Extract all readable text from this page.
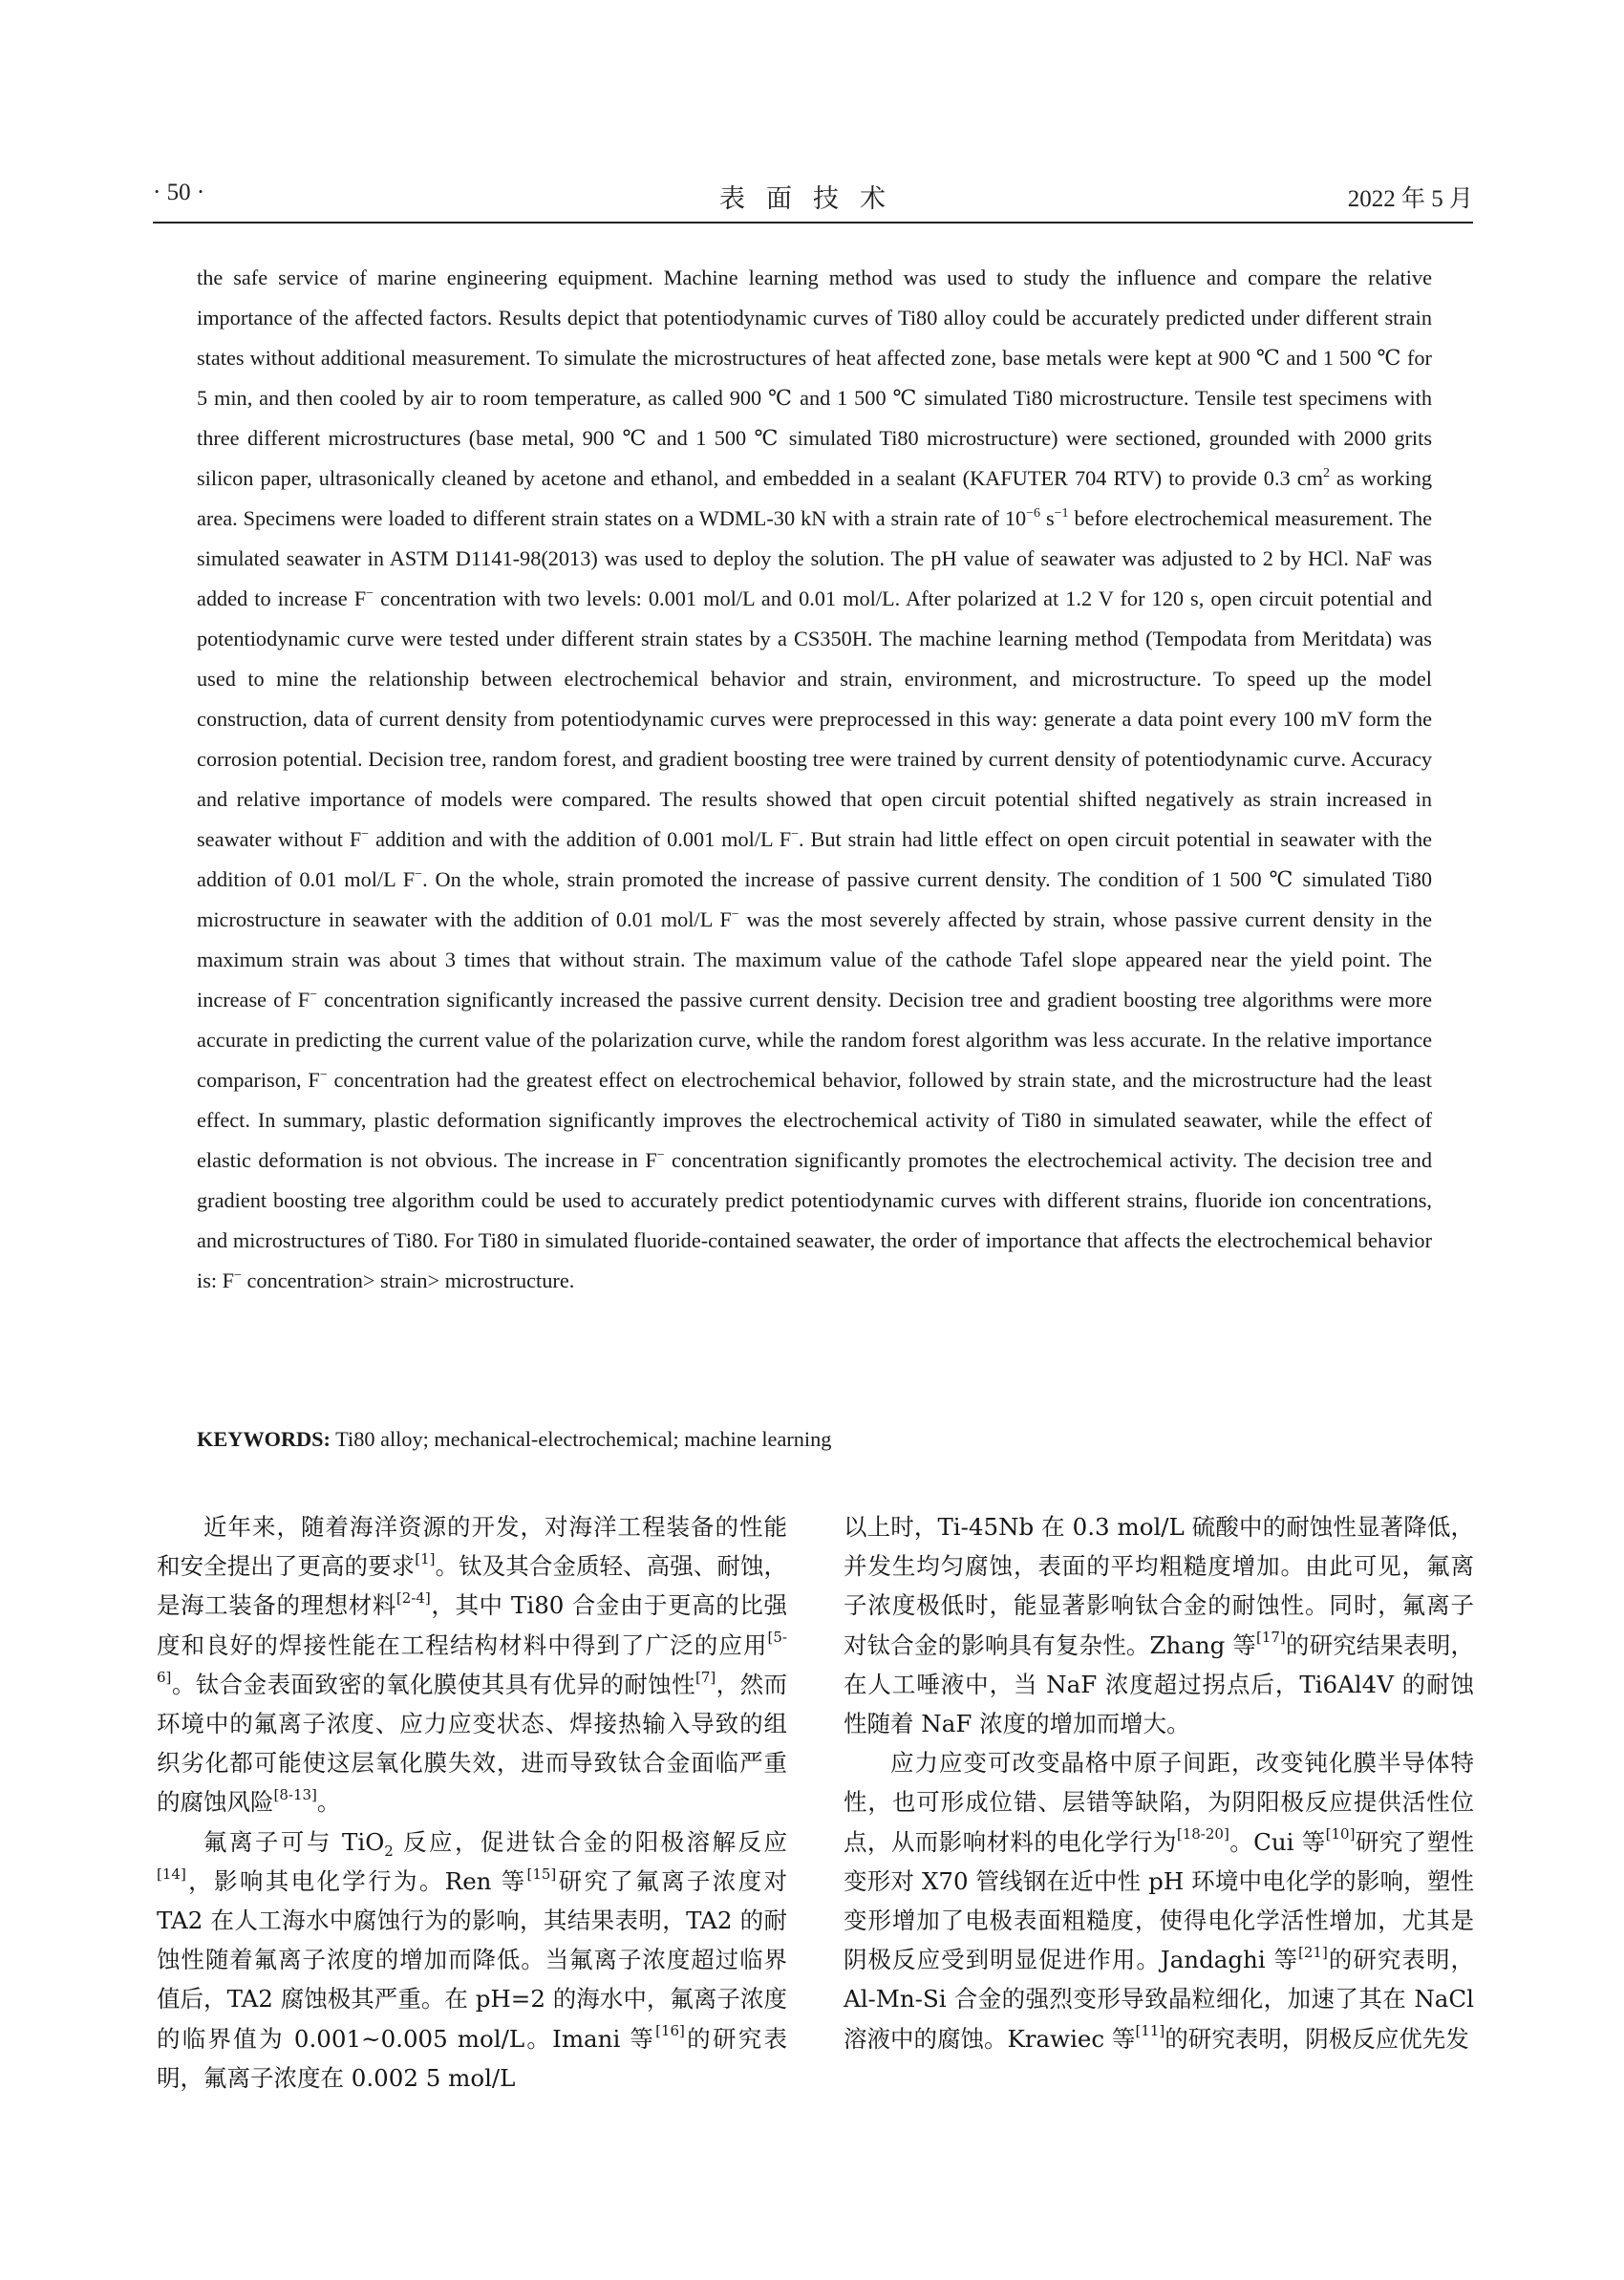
· 50 ·	表面技术	2022 年 5 月
the safe service of marine engineering equipment. Machine learning method was used to study the influence and compare the relative importance of the affected factors. Results depict that potentiodynamic curves of Ti80 alloy could be accurately predicted under different strain states without additional measurement. To simulate the microstructures of heat affected zone, base metals were kept at 900 ℃ and 1 500 ℃ for 5 min, and then cooled by air to room temperature, as called 900 ℃ and 1 500 ℃ simulated Ti80 microstructure. Tensile test specimens with three different microstructures (base metal, 900 ℃ and 1 500 ℃ simulated Ti80 microstructure) were sectioned, grounded with 2000 grits silicon paper, ultrasonically cleaned by acetone and ethanol, and embedded in a sealant (KAFUTER 704 RTV) to provide 0.3 $cm^2$ as working area. Specimens were loaded to different strain states on a WDML-30 kN with a strain rate of $10^{-6}$ $s^{-1}$ before electrochemical measurement. The simulated seawater in ASTM D1141-98(2013) was used to deploy the solution. The pH value of seawater was adjusted to 2 by HCl. NaF was added to increase F− concentration with two levels: 0.001 mol/L and 0.01 mol/L. After polarized at 1.2 V for 120 s, open circuit potential and potentiodynamic curve were tested under different strain states by a CS350H. The machine learning method (Tempodata from Meritdata) was used to mine the relationship between electrochemical behavior and strain, environment, and microstructure. To speed up the model construction, data of current density from potentiodynamic curves were preprocessed in this way: generate a data point every 100 mV form the corrosion potential. Decision tree, random forest, and gradient boosting tree were trained by current density of potentiodynamic curve. Accuracy and relative importance of models were compared. The results showed that open circuit potential shifted negatively as strain increased in seawater without F− addition and with the addition of 0.001 mol/L F−. But strain had little effect on open circuit potential in seawater with the addition of 0.01 mol/L F−. On the whole, strain promoted the increase of passive current density. The condition of 1 500 ℃ simulated Ti80 microstructure in seawater with the addition of 0.01 mol/L F− was the most severely affected by strain, whose passive current density in the maximum strain was about 3 times that without strain. The maximum value of the cathode Tafel slope appeared near the yield point. The increase of F− concentration significantly increased the passive current density. Decision tree and gradient boosting tree algorithms were more accurate in predicting the current value of the polarization curve, while the random forest algorithm was less accurate. In the relative importance comparison, F− concentration had the greatest effect on electrochemical behavior, followed by strain state, and the microstructure had the least effect. In summary, plastic deformation significantly improves the electrochemical activity of Ti80 in simulated seawater, while the effect of elastic deformation is not obvious. The increase in F− concentration significantly promotes the electrochemical activity. The decision tree and gradient boosting tree algorithm could be used to accurately predict potentiodynamic curves with different strains, fluoride ion concentrations, and microstructures of Ti80. For Ti80 in simulated fluoride-contained seawater, the order of importance that affects the electrochemical behavior is: F− concentration> strain> microstructure.
KEYWORDS: Ti80 alloy; mechanical-electrochemical; machine learning

近年来，随着海洋资源的开发，对海洋工程装备的性能和安全提出了更高的要求[1]。钛及其合金质轻、高强、耐蚀，是海工装备的理想材料[2-4]，其中 Ti80 合金由于更高的比强度和良好的焊接性能在工程结构材料中得到了广泛的应用[5-6]。钛合金表面致密的氧化膜使其具有优异的耐蚀性[7]，然而环境中的氟离子浓度、应力应变状态、焊接热输入导致的组织劣化都可能使这层氧化膜失效，进而导致钛合金面临严重的腐蚀风险[8-13]。

氟离子可与 TiO$_2$ 反应，促进钛合金的阳极溶解反应[14]，影响其电化学行为。Ren 等[15]研究了氟离子浓度对 TA2 在人工海水中腐蚀行为的影响，其结果表明，TA2 的耐蚀性随着氟离子浓度的增加而降低。当氟离子浓度超过临界值后，TA2 腐蚀极其严重。在 pH=2 的海水中，氟离子浓度的临界值为 0.001~0.005 mol/L。Imani 等[16]的研究表明，氟离子浓度在 0.002 5 mol/L

以上时，Ti-45Nb 在 0.3 mol/L 硫酸中的耐蚀性显著降低，并发生均匀腐蚀，表面的平均粗糙度增加。由此可见，氟离子浓度极低时，能显著影响钛合金的耐蚀性。同时，氟离子对钛合金的影响具有复杂性。Zhang 等[17]的研究结果表明，在人工唾液中，当 NaF 浓度超过拐点后，Ti6Al4V 的耐蚀性随着 NaF 浓度的增加而增大。

应力应变可改变晶格中原子间距，改变钝化膜半导体特性，也可形成位错、层错等缺陷，为阴阳极反应提供活性位点，从而影响材料的电化学行为[18-20]。Cui 等[10]研究了塑性变形对 X70 管线钢在近中性 pH 环境中电化学的影响，塑性变形增加了电极表面粗糙度，使得电化学活性增加，尤其是阴极反应受到明显促进作用。Jandaghi 等[21]的研究表明，Al-Mn-Si 合金的强烈变形导致晶粒细化，加速了其在 NaCl 溶液中的腐蚀。Krawiec 等[11]的研究表明，阴极反应优先发
